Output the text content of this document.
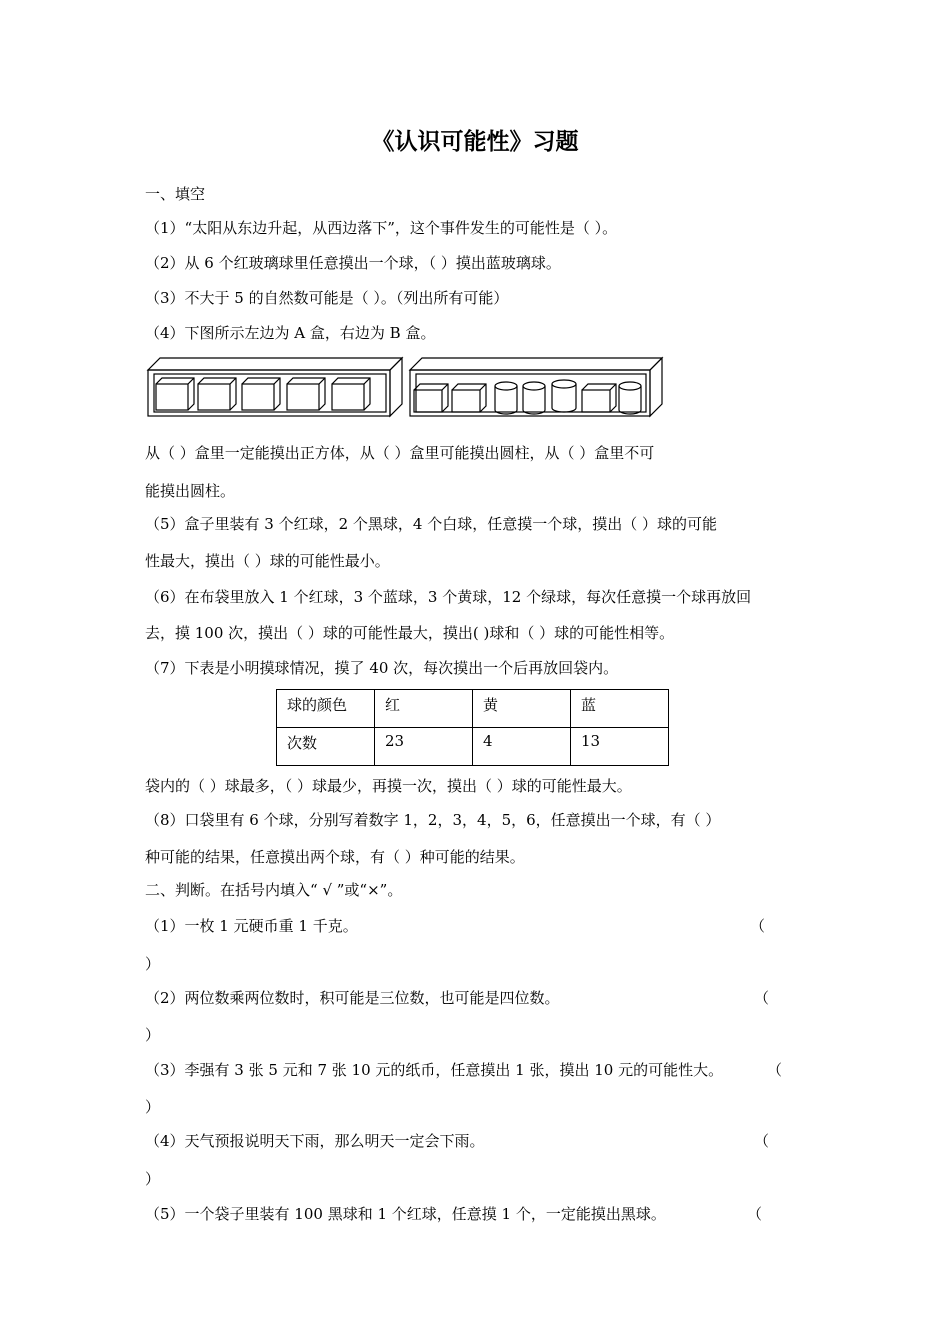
《认识可能性》习题
一、填空
（1）“太阳从东边升起，从西边落下”，这个事件发生的可能性是（ ）。
（2）从 6 个红玻璃球里任意摸出一个球，（ ）摸出蓝玻璃球。
（3）不大于 5 的自然数可能是（ ）。（列出所有可能）
（4）下图所示左边为 A 盒，右边为 B 盒。
从（ ）盒里一定能摸出正方体，从（ ）盒里可能摸出圆柱，从（ ）盒里不可
能摸出圆柱。
（5）盒子里装有 3 个红球，2 个黑球，4 个白球，任意摸一个球，摸出（ ）球的可能
性最大，摸出（ ）球的可能性最小。
（6）在布袋里放入 1 个红球，3 个蓝球，3 个黄球，12 个绿球，每次任意摸一个球再放回
去，摸 100 次，摸出（ ）球的可能性最大，摸出( )球和（ ）球的可能性相等。
（7）下表是小明摸球情况，摸了 40 次，每次摸出一个后再放回袋内。
球的颜色	红	黄	蓝
次数	23	4	13
袋内的（ ）球最多，（ ）球最少，再摸一次，摸出（ ）球的可能性最大。
（8）口袋里有 6 个球，分别写着数字 1，2，3，4，5，6，任意摸出一个球，有（ ）
种可能的结果，任意摸出两个球，有（ ）种可能的结果。
二、判断。在括号内填入“ √ ”或“×”。
（1）一枚 1 元硬币重 1 千克。	（
）
（2）两位数乘两位数时，积可能是三位数，也可能是四位数。	（
）
（3）李强有 3 张 5 元和 7 张 10 元的纸币，任意摸出 1 张，摸出 10 元的可能性大。	（
）
（4）天气预报说明天下雨，那么明天一定会下雨。	（
）
（5）一个袋子里装有 100 黑球和 1 个红球，任意摸 1 个，一定能摸出黑球。	（
